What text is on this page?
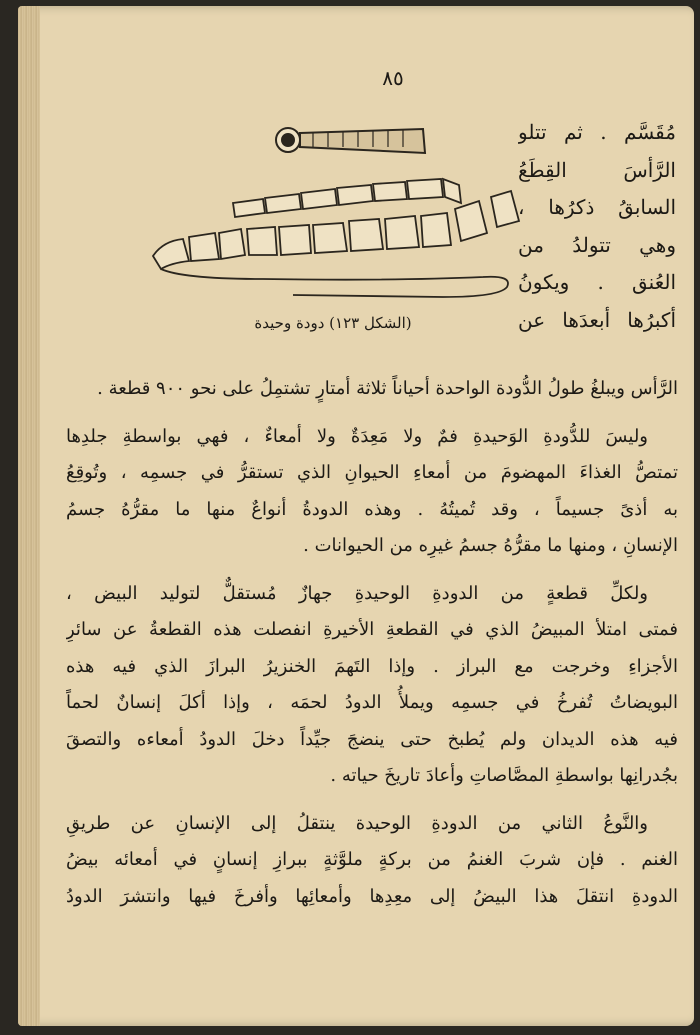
٨٥
(الشكل ١٢٣) دودة وحيدة
مُقَسَّم . ثم تتلو
الرَّأسَ القِطَعُ
السابقُ ذكرُها ،
وهي تتولدُ من
العُنق . ويكونُ
أكبرُها أبعدَها عن
الرَّأس ويبلغُ طولُ الدُّودة الواحدة أحياناً ثلاثة أمتارٍ تشتمِلُ على نحو ٩٠٠ قطعة .
وليسَ للدُّودةِ الوَحيدةِ فمٌ ولا مَعِدَةٌ ولا أمعاءٌ ، فهي بواسطةِ جلدِها
تمتصُّ الغذاءَ المهضومَ من أمعاءِ الحيوانِ الذي تستقرُّ في جسمِه ، وتُوقِعُ
به أذىً جسيماً ، وقد تُميتُهُ . وهذه الدودةُ أنواعٌ منها ما مقرُّهُ جسمُ
الإنسانِ ، ومنها ما مقرُّهُ جسمُ غيرِه من الحيوانات .
ولكلِّ قطعةٍ من الدودةِ الوحيدةِ جهازٌ مُستقلٌّ لتوليد البيض ،
فمتى امتلأ المبيضُ الذي في القطعةِ الأخيرةِ انفصلت هذه القطعةُ عن سائرِ
الأجزاءِ وخرجت مع البراز . وإذا التَهمَ الخنزيرُ البرازَ الذي فيه هذه
البويضاتُ تُفرخُ في جسمِه ويملأُ الدودُ لحمَه ، وإذا أكلَ إنسانٌ لحماً
فيه هذه الديدان ولم يُطبخ حتى ينضجَ جيِّداً دخلَ الدودُ أمعاءه والتصقَ
بجُدرانِها بواسطةِ المصَّاصاتِ وأعادَ تاريخَ حياته .
والنَّوعُ الثاني من الدودةِ الوحيدة ينتقلُ إلى الإنسانِ عن طريقِ
الغنم . فإن شربَ الغنمُ من بركةٍ ملوَّثةٍ ببرازِ إنسانٍ في أمعائه بيضُ
الدودةِ انتقلَ هذا البيضُ إلى معِدِها وأمعائِها وأفرخَ فيها وانتشرَ الدودُ
